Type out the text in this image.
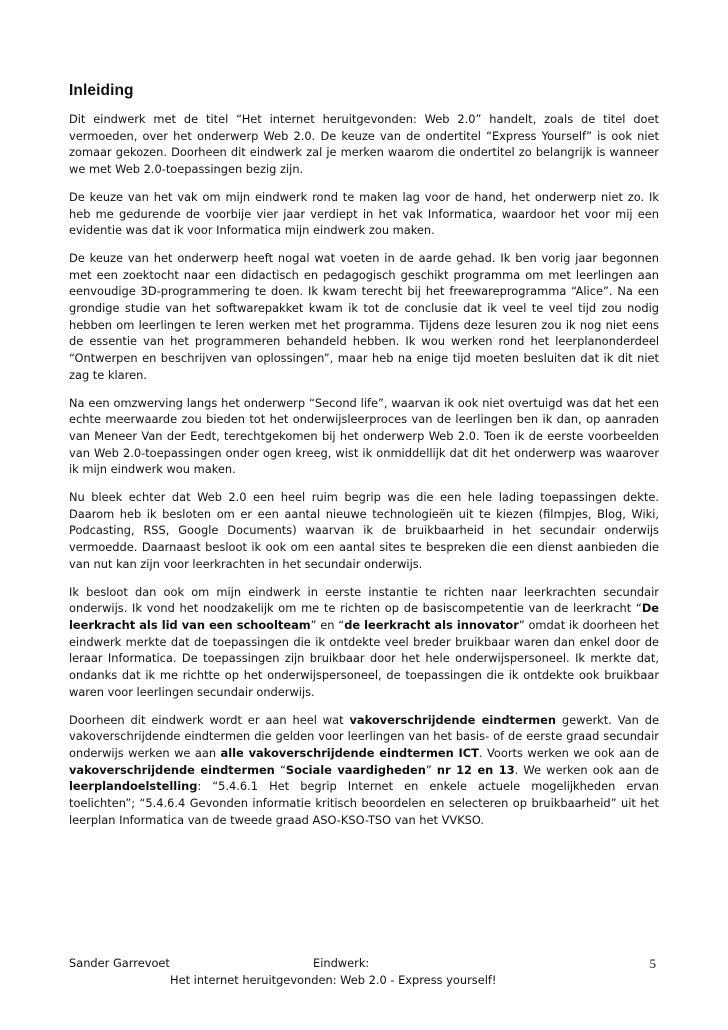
Inleiding

Dit eindwerk met de titel “Het internet heruitgevonden: Web 2.0” handelt, zoals de titel doet vermoeden, over het onderwerp Web 2.0. De keuze van de ondertitel “Express Yourself” is ook niet zomaar gekozen. Doorheen dit eindwerk zal je merken waarom die ondertitel zo belangrijk is wanneer we met Web 2.0-toepassingen bezig zijn.

De keuze van het vak om mijn eindwerk rond te maken lag voor de hand, het onderwerp niet zo. Ik heb me gedurende de voorbije vier jaar verdiept in het vak Informatica, waardoor het voor mij een evidentie was dat ik voor Informatica mijn eindwerk zou maken.

De keuze van het onderwerp heeft nogal wat voeten in de aarde gehad. Ik ben vorig jaar begonnen met een zoektocht naar een didactisch en pedagogisch geschikt programma om met leerlingen aan eenvoudige 3D-programmering te doen. Ik kwam terecht bij het freewareprogramma “Alice”. Na een grondige studie van het softwarepakket kwam ik tot de conclusie dat ik veel te veel tijd zou nodig hebben om leerlingen te leren werken met het programma. Tijdens deze lesuren zou ik nog niet eens de essentie van het programmeren behandeld hebben. Ik wou werken rond het leerplanonderdeel “Ontwerpen en beschrijven van oplossingen”, maar heb na enige tijd moeten besluiten dat ik dit niet zag te klaren.

Na een omzwerving langs het onderwerp “Second life”, waarvan ik ook niet overtuigd was dat het een echte meerwaarde zou bieden tot het onderwijsleerproces van de leerlingen ben ik dan, op aanraden van Meneer Van der Eedt, terechtgekomen bij het onderwerp Web 2.0. Toen ik de eerste voorbeelden van Web 2.0-toepassingen onder ogen kreeg, wist ik onmiddellijk dat dit het onderwerp was waarover ik mijn eindwerk wou maken.

Nu bleek echter dat Web 2.0 een heel ruim begrip was die een hele lading toepassingen dekte. Daarom heb ik besloten om er een aantal nieuwe technologieën uit te kiezen (filmpjes, Blog, Wiki, Podcasting, RSS, Google Documents) waarvan ik de bruikbaarheid in het secundair onderwijs vermoedde. Daarnaast besloot ik ook om een aantal sites te bespreken die een dienst aanbieden die van nut kan zijn voor leerkrachten in het secundair onderwijs.

Ik besloot dan ook om mijn eindwerk in eerste instantie te richten naar leerkrachten secundair onderwijs. Ik vond het noodzakelijk om me te richten op de basiscompetentie van de leerkracht “De leerkracht als lid van een schoolteam” en “de leerkracht als innovator” omdat ik doorheen het eindwerk merkte dat de toepassingen die ik ontdekte veel breder bruikbaar waren dan enkel door de leraar Informatica. De toepassingen zijn bruikbaar door het hele onderwijspersoneel. Ik merkte dat, ondanks dat ik me richtte op het onderwijspersoneel, de toepassingen die ik ontdekte ook bruikbaar waren voor leerlingen secundair onderwijs.

Doorheen dit eindwerk wordt er aan heel wat vakoverschrijdende eindtermen gewerkt. Van de vakoverschrijdende eindtermen die gelden voor leerlingen van het basis- of de eerste graad secundair onderwijs werken we aan alle vakoverschrijdende eindtermen ICT. Voorts werken we ook aan de vakoverschrijdende eindtermen “Sociale vaardigheden” nr 12 en 13. We werken ook aan de leerplandoelstelling: “5.4.6.1 Het begrip Internet en enkele actuele mogelijkheden ervan toelichten”; “5.4.6.4 Gevonden informatie kritisch beoordelen en selecteren op bruikbaarheid” uit het leerplan Informatica van de tweede graad ASO-KSO-TSO van het VVKSO.

Sander Garrevoet	Eindwerk:	5
Het internet heruitgevonden: Web 2.0 - Express yourself!
